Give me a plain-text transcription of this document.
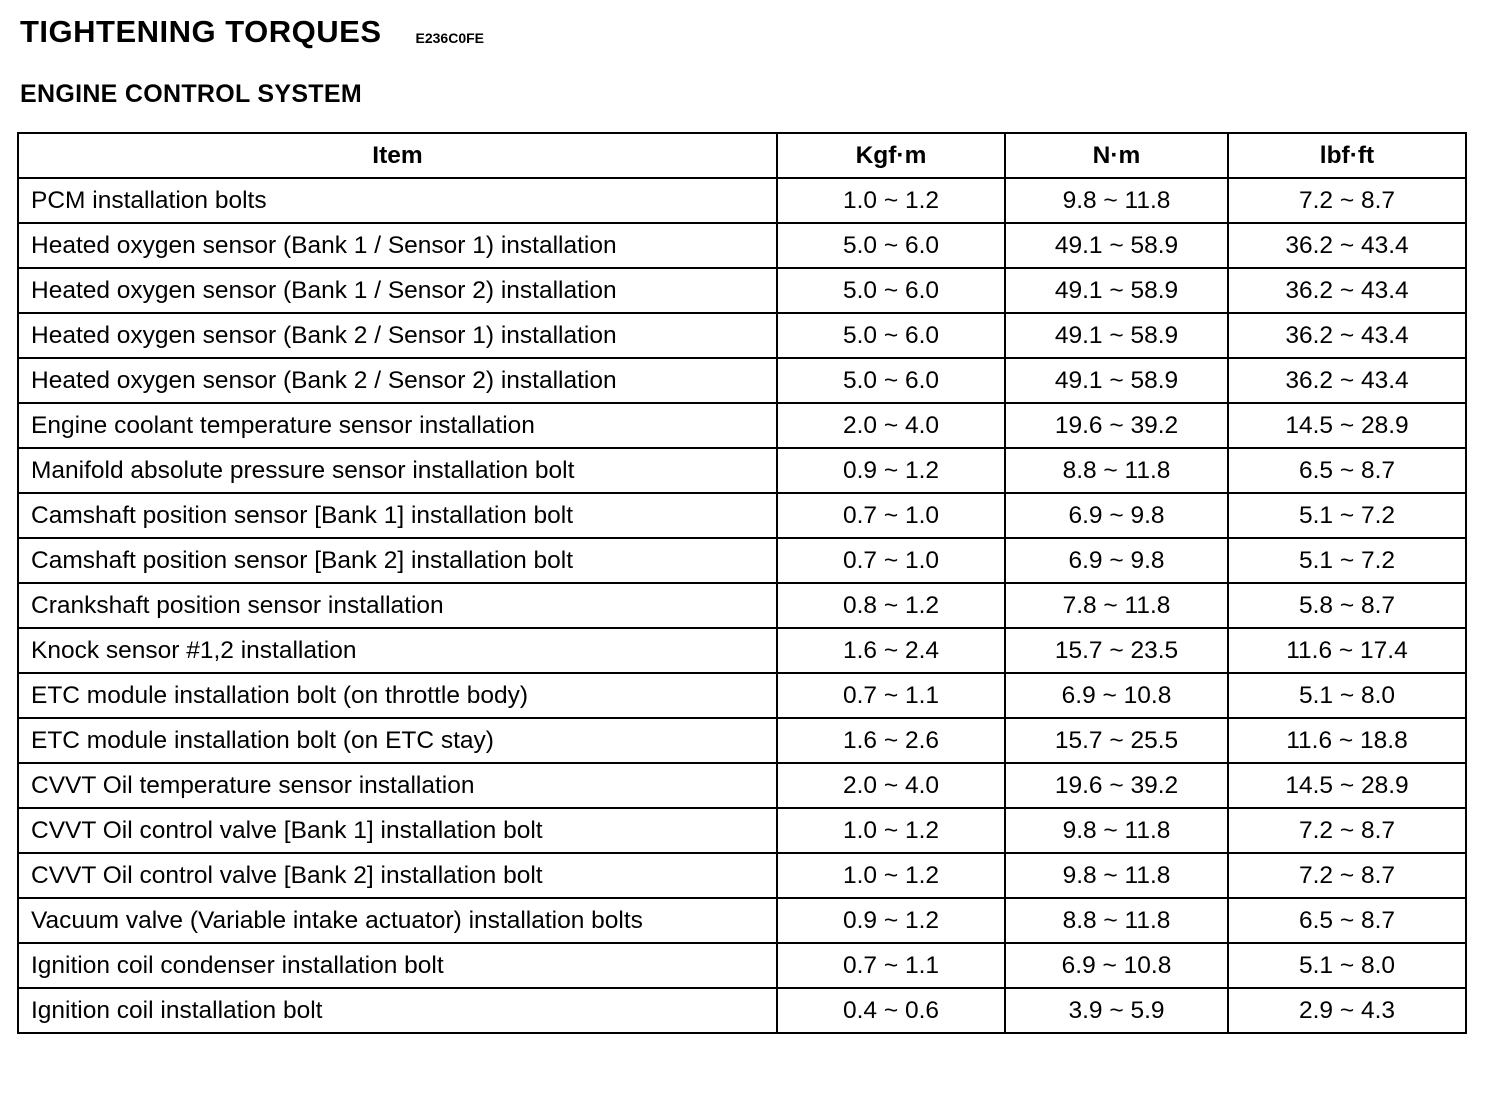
TIGHTENING TORQUES E236C0FE
ENGINE CONTROL SYSTEM
Item	Kgf·m	N·m	lbf·ft
PCM installation bolts	1.0 ~ 1.2	9.8 ~ 11.8	7.2 ~ 8.7
Heated oxygen sensor (Bank 1 / Sensor 1) installation	5.0 ~ 6.0	49.1 ~ 58.9	36.2 ~ 43.4
Heated oxygen sensor (Bank 1 / Sensor 2) installation	5.0 ~ 6.0	49.1 ~ 58.9	36.2 ~ 43.4
Heated oxygen sensor (Bank 2 / Sensor 1) installation	5.0 ~ 6.0	49.1 ~ 58.9	36.2 ~ 43.4
Heated oxygen sensor (Bank 2 / Sensor 2) installation	5.0 ~ 6.0	49.1 ~ 58.9	36.2 ~ 43.4
Engine coolant temperature sensor installation	2.0 ~ 4.0	19.6 ~ 39.2	14.5 ~ 28.9
Manifold absolute pressure sensor installation bolt	0.9 ~ 1.2	8.8 ~ 11.8	6.5 ~ 8.7
Camshaft position sensor [Bank 1] installation bolt	0.7 ~ 1.0	6.9 ~ 9.8	5.1 ~ 7.2
Camshaft position sensor [Bank 2] installation bolt	0.7 ~ 1.0	6.9 ~ 9.8	5.1 ~ 7.2
Crankshaft position sensor installation	0.8 ~ 1.2	7.8 ~ 11.8	5.8 ~ 8.7
Knock sensor #1,2 installation	1.6 ~ 2.4	15.7 ~ 23.5	11.6 ~ 17.4
ETC module installation bolt (on throttle body)	0.7 ~ 1.1	6.9 ~ 10.8	5.1 ~ 8.0
ETC module installation bolt (on ETC stay)	1.6 ~ 2.6	15.7 ~ 25.5	11.6 ~ 18.8
CVVT Oil temperature sensor installation	2.0 ~ 4.0	19.6 ~ 39.2	14.5 ~ 28.9
CVVT Oil control valve [Bank 1] installation bolt	1.0 ~ 1.2	9.8 ~ 11.8	7.2 ~ 8.7
CVVT Oil control valve [Bank 2] installation bolt	1.0 ~ 1.2	9.8 ~ 11.8	7.2 ~ 8.7
Vacuum valve (Variable intake actuator) installation bolts	0.9 ~ 1.2	8.8 ~ 11.8	6.5 ~ 8.7
Ignition coil condenser installation bolt	0.7 ~ 1.1	6.9 ~ 10.8	5.1 ~ 8.0
Ignition coil installation bolt	0.4 ~ 0.6	3.9 ~ 5.9	2.9 ~ 4.3
